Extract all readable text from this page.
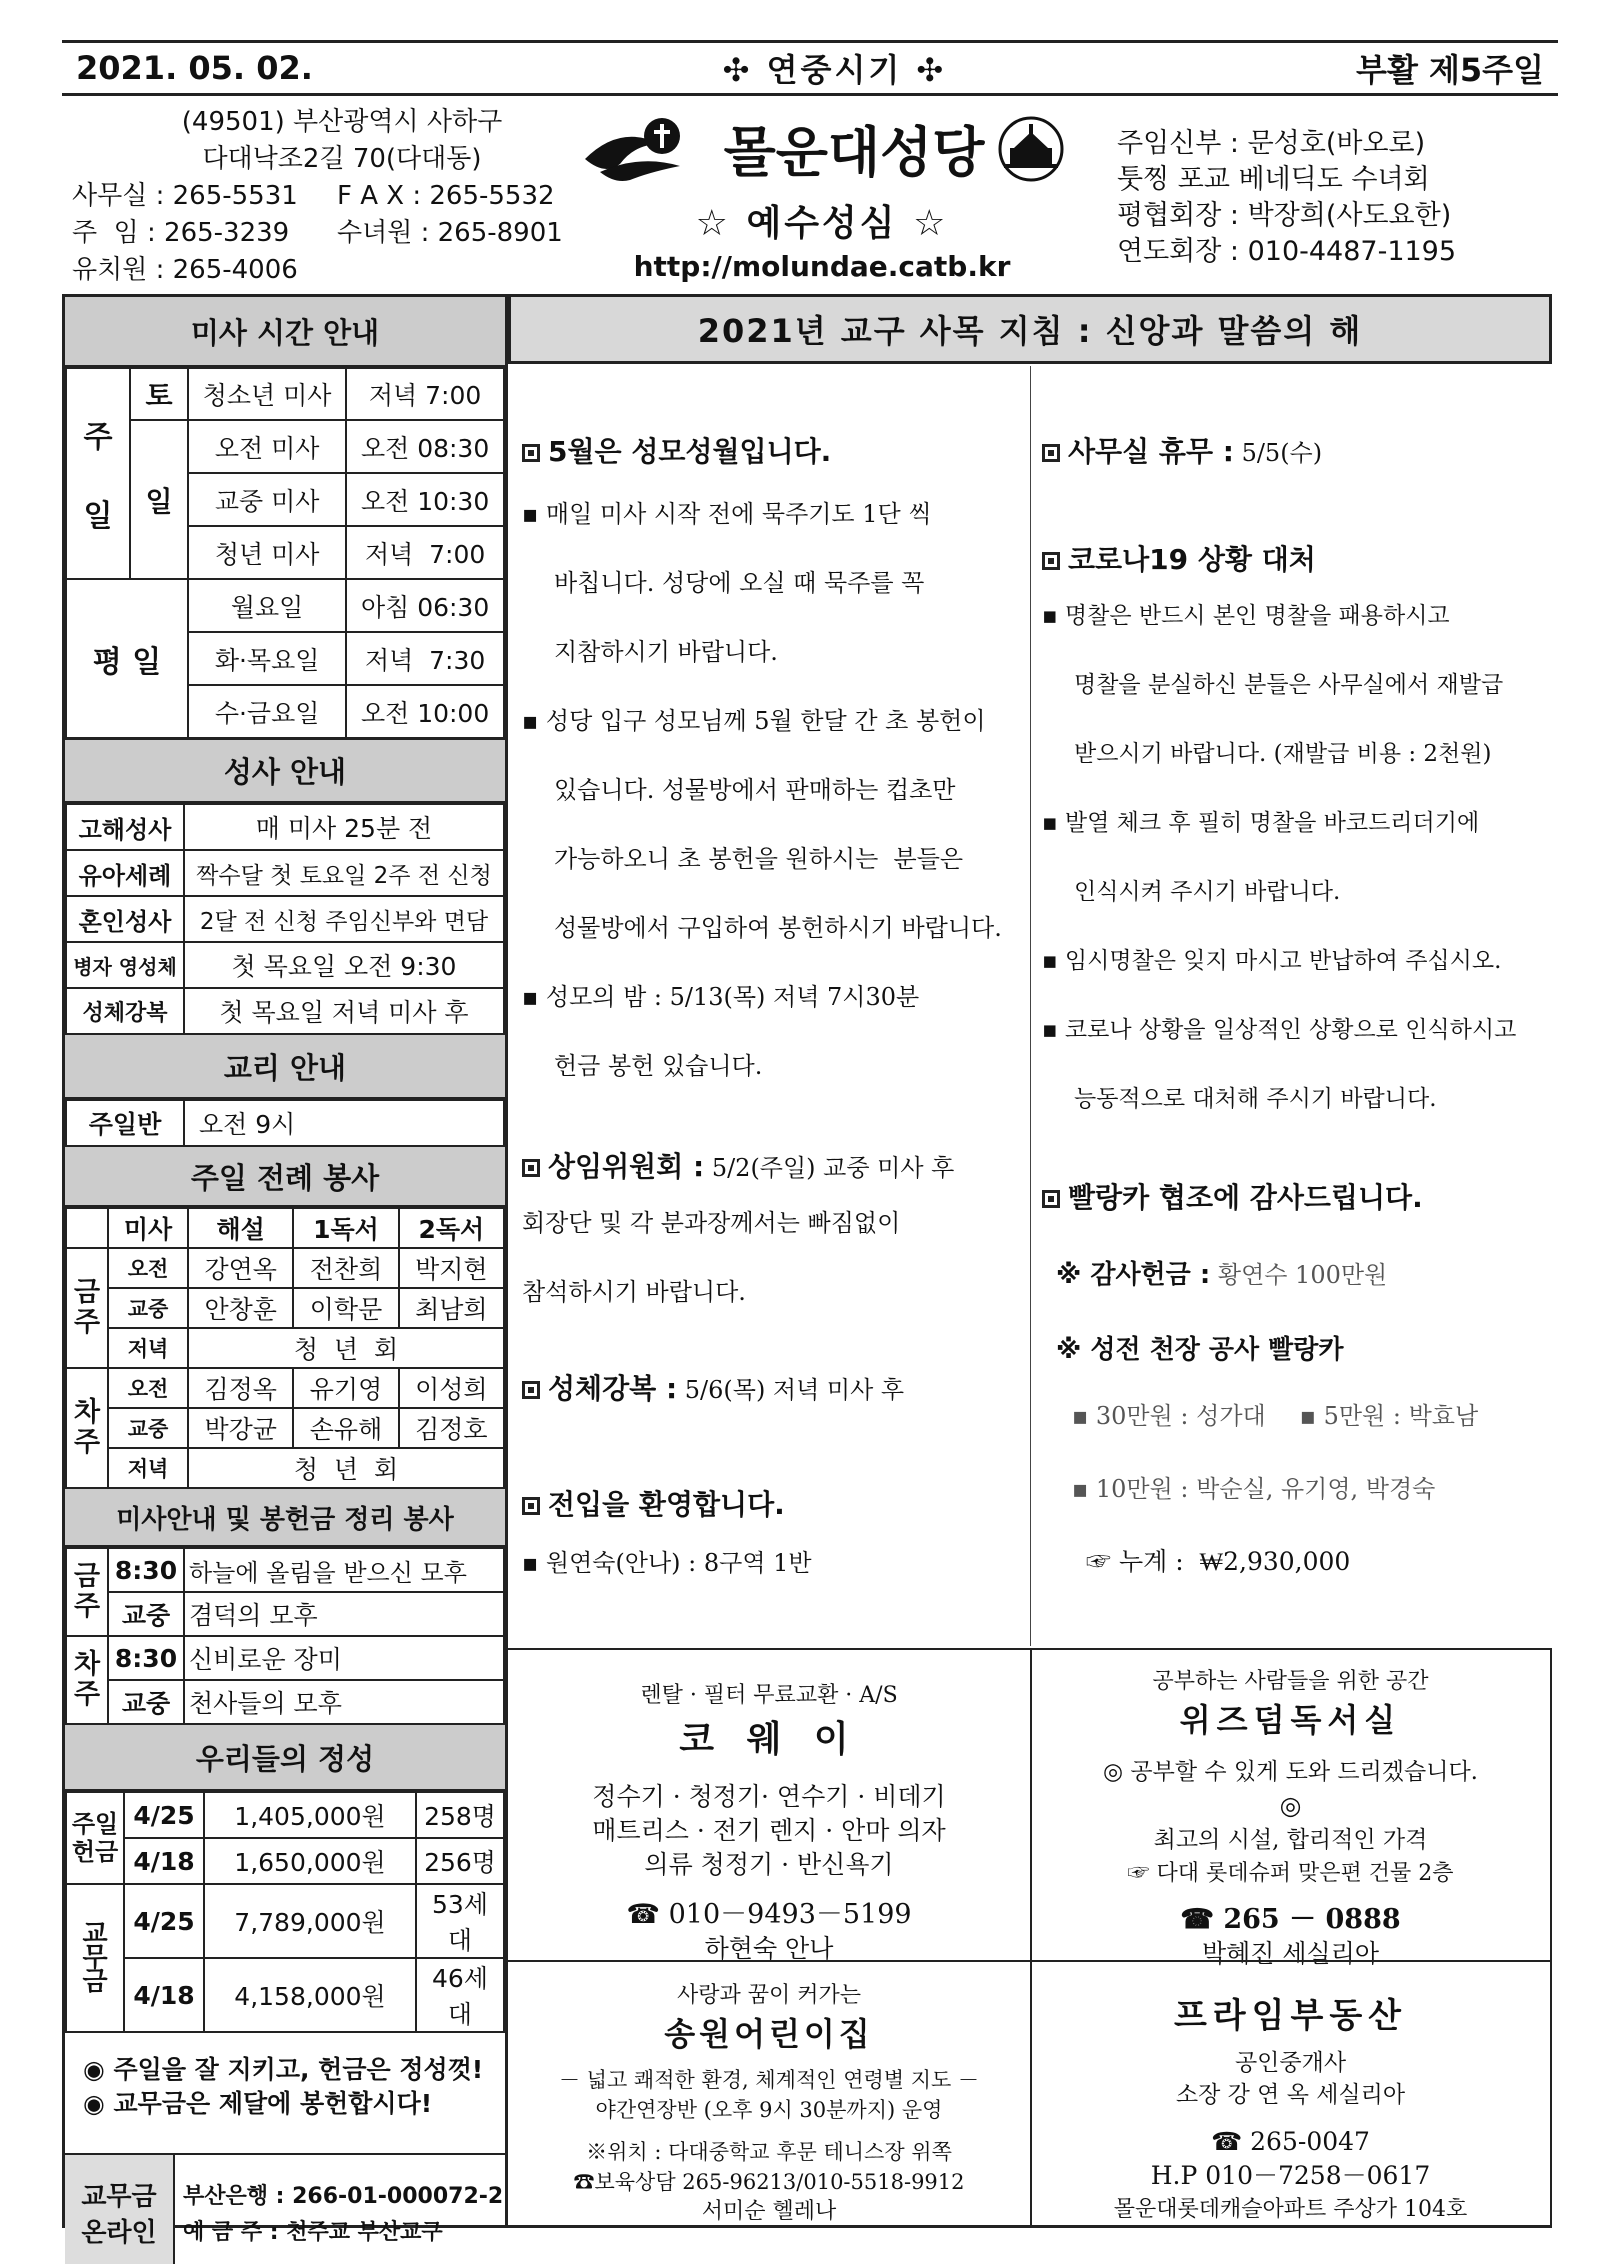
2021. 05. 02.	✣ 연중시기 ✣	부활 제5주일
(49501) 부산광역시 사하구
다대낙조2길 70(다대동)
사무실 : 265-5531	F A X : 265-5532
주  임 : 265-3239	수녀원 : 265-8901
유치원 : 265-4006
몰운대성당
☆ 예수성심 ☆
http://molundae.catb.kr
주임신부 : 문성호(바오로)
툿찡 포교 베네딕도 수녀회
평협회장 : 박장희(사도요한)
연도회장 : 010-4487-1195
미사 시간 안내
주

일	토	청소년 미사	저녁 7:00
	일	오전 미사	오전 08:30
		교중 미사	오전 10:30
		청년 미사	저녁  7:00
평 일		월요일	아침 06:30
		화·목요일	저녁  7:30
		수·금요일	오전 10:00
성사 안내
고해성사	매 미사 25분 전
유아세례	짝수달 첫 토요일 2주 전 신청
혼인성사	2달 전 신청 주임신부와 면담
병자 영성체	첫 목요일 오전 9:30
성체강복	첫 목요일 저녁 미사 후
교리 안내
주일반	오전 9시
주일 전례 봉사
	미사	해설	1독서	2독서
금
주	오전	강연옥	전찬희	박지현
	교중	안창훈	이학문	최남희
	저녁	청  년  회		
차
주	오전	김정옥	유기영	이성희
	교중	박강균	손유해	김정호
	저녁	청  년  회		
미사안내 및 봉헌금 정리 봉사
금
주	8:30	하늘에 올림을 받으신 모후
	교중	겸덕의 모후
차
주	8:30	신비로운 장미
	교중	천사들의 모후
우리들의 정성
주일
헌금	4/25	1,405,000원	258명
	4/18	1,650,000원	256명
교
무
금	4/25	7,789,000원	53세대
	4/18	4,158,000원	46세대
◉ 주일을 잘 지키고, 헌금은 정성껏!
◉ 교무금은 제달에 봉헌합시다!
교무금
온라인
부산은행 : 266-01-000072-2
예 금 주 : 천주교 부산교구
2021년 교구 사목 지침 : 신앙과 말씀의 해
5월은 성모성월입니다.
▪ 매일 미사 시작 전에 묵주기도 1단 씩
바칩니다. 성당에 오실 때 묵주를 꼭
지참하시기 바랍니다.
▪ 성당 입구 성모님께 5월 한달 간 초 봉헌이
있습니다. 성물방에서 판매하는 컵초만
가능하오니 초 봉헌을 원하시는  분들은
성물방에서 구입하여 봉헌하시기 바랍니다.
▪ 성모의 밤 : 5/13(목) 저녁 7시30분
헌금 봉헌 있습니다.
상임위원회 : 5/2(주일) 교중 미사 후
회장단 및 각 분과장께서는 빠짐없이
참석하시기 바랍니다.
성체강복 : 5/6(목) 저녁 미사 후
전입을 환영합니다.
▪ 원연숙(안나) : 8구역 1반
사무실 휴무 : 5/5(수)
코로나19 상황 대처
▪ 명찰은 반드시 본인 명찰을 패용하시고
명찰을 분실하신 분들은 사무실에서 재발급
받으시기 바랍니다. (재발급 비용 : 2천원)
▪ 발열 체크 후 필히 명찰을 바코드리더기에
인식시켜 주시기 바랍니다.
▪ 임시명찰은 잊지 마시고 반납하여 주십시오.
▪ 코로나 상황을 일상적인 상황으로 인식하시고
능동적으로 대처해 주시기 바랍니다.
빨랑카 협조에 감사드립니다.
※ 감사헌금 : 황연수 100만원
※ 성전 천장 공사 빨랑카
▪ 30만원 : 성가대 ▪ 5만원 : 박효남
▪ 10만원 : 박순실, 유기영, 박경숙
☞ 누계 :  ₩2,930,000
렌탈 · 필터 무료교환 · A/S
코 웨 이
정수기 · 청정기· 연수기 · 비데기
매트리스 · 전기 렌지 · 안마 의자
의류 청정기 · 반신욕기
☎ 010－9493－5199
하현숙 안나
공부하는 사람들을 위한 공간
위즈덤독서실
◎ 공부할 수 있게 도와 드리겠습니다.
◎
최고의 시설, 합리적인 가격
☞ 다대 롯데슈퍼 맞은편 건물 2층
☎ 265 － 0888
박혜진 세실리아
사랑과 꿈이 커가는
송원어린이집
－ 넓고 쾌적한 환경, 체계적인 연령별 지도 －
야간연장반 (오후 9시 30분까지) 운영
※위치 : 다대중학교 후문 테니스장 위쪽
☎보육상담 265-96213/010-5518-9912
서미순 헬레나
프라임부동산
공인중개사
소장 강 연 옥 세실리아
☎ 265-0047
H.P 010－7258－0617
몰운대롯데캐슬아파트 주상가 104호
